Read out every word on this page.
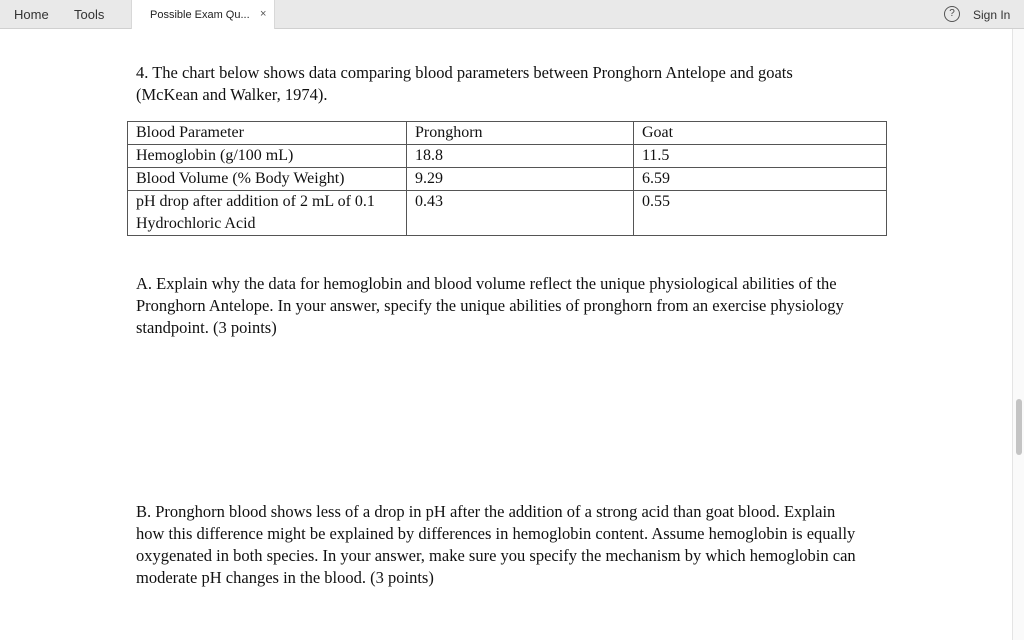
Home Tools	Possible Exam Qu... ×	?	Sign In
4. The chart below shows data comparing blood parameters between Pronghorn Antelope and goats (McKean and Walker, 1974).
Blood Parameter	Pronghorn	Goat
Hemoglobin (g/100 mL)	18.8	11.5
Blood Volume (% Body Weight)	9.29	6.59
pH drop after addition of 2 mL of 0.1 Hydrochloric Acid	0.43	0.55
A. Explain why the data for hemoglobin and blood volume reflect the unique physiological abilities of the Pronghorn Antelope. In your answer, specify the unique abilities of pronghorn from an exercise physiology standpoint. (3 points)
B. Pronghorn blood shows less of a drop in pH after the addition of a strong acid than goat blood. Explain how this difference might be explained by differences in hemoglobin content. Assume hemoglobin is equally oxygenated in both species. In your answer, make sure you specify the mechanism by which hemoglobin can moderate pH changes in the blood. (3 points)
